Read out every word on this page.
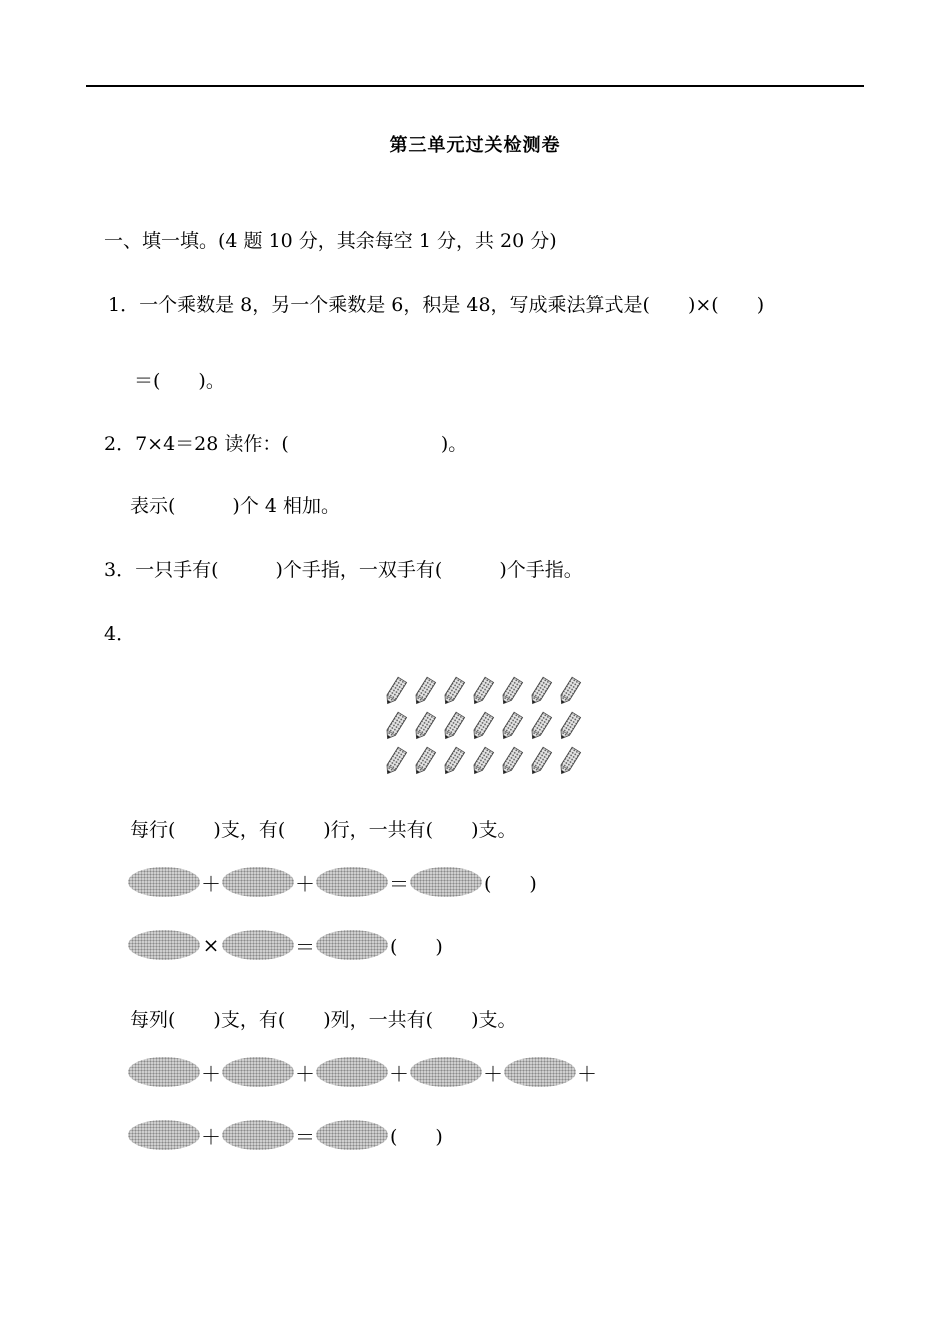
第三单元过关检测卷
一、填一填。(4 题 10 分，其余每空 1 分，共 20 分)
1．一个乘数是 8，另一个乘数是 6，积是 48，写成乘法算式是(　　)×(　　)
＝(　　)。
2．7×4＝28 读作：(　　　　　　　　)。
表示(　　　)个 4 相加。
3．一只手有(　　　)个手指，一双手有(　　　)个手指。
4．
每行(　　)支，有(　　)行，一共有(　　)支。
＋	＋	＝	(　　)
×	＝	(　　)
每列(　　)支，有(　　)列，一共有(　　)支。
＋	＋	＋	＋	＋
＋	＝	(　　)
